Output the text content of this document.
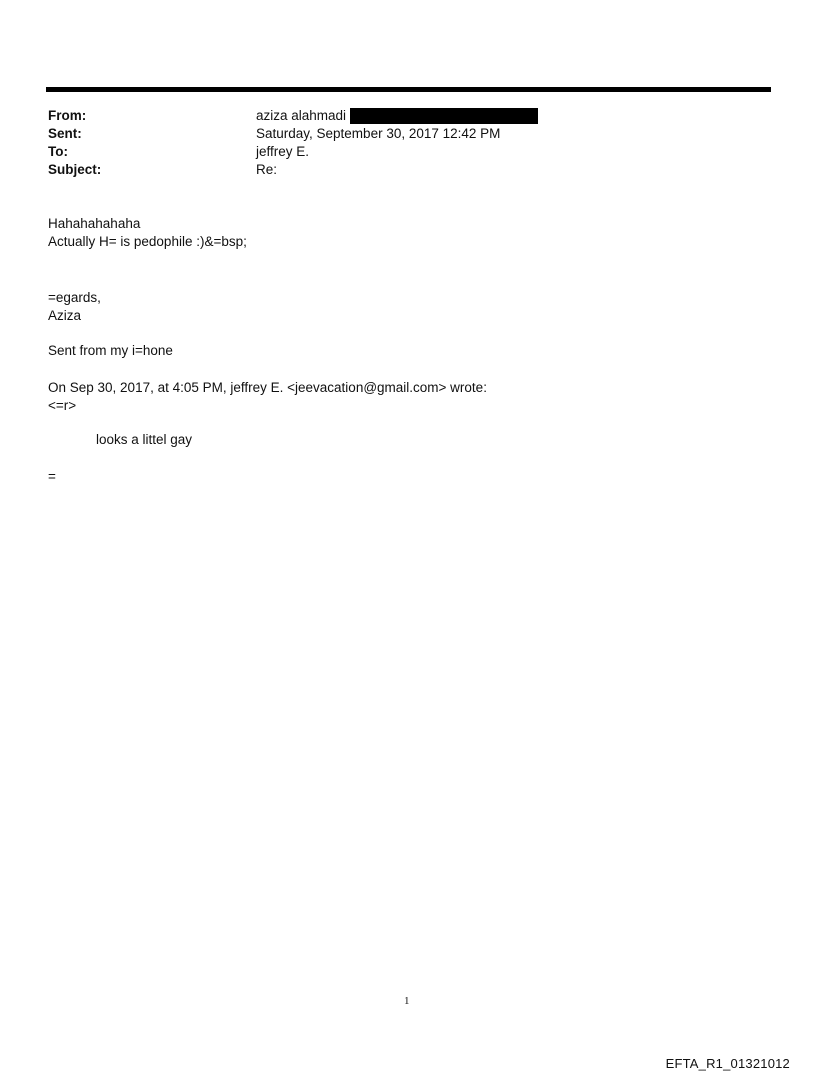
From:	aziza alahmadi
Sent:	Saturday, September 30, 2017 12:42 PM
To:	jeffrey E.
Subject:	Re:
Hahahahahaha
Actually H= is pedophile :)&=bsp;
=egards,
Aziza
Sent from my i=hone
On Sep 30, 2017, at 4:05 PM, jeffrey E. <jeevacation@gmail.com> wrote:
<=r>
looks a littel gay
=
1
EFTA_R1_01321012
